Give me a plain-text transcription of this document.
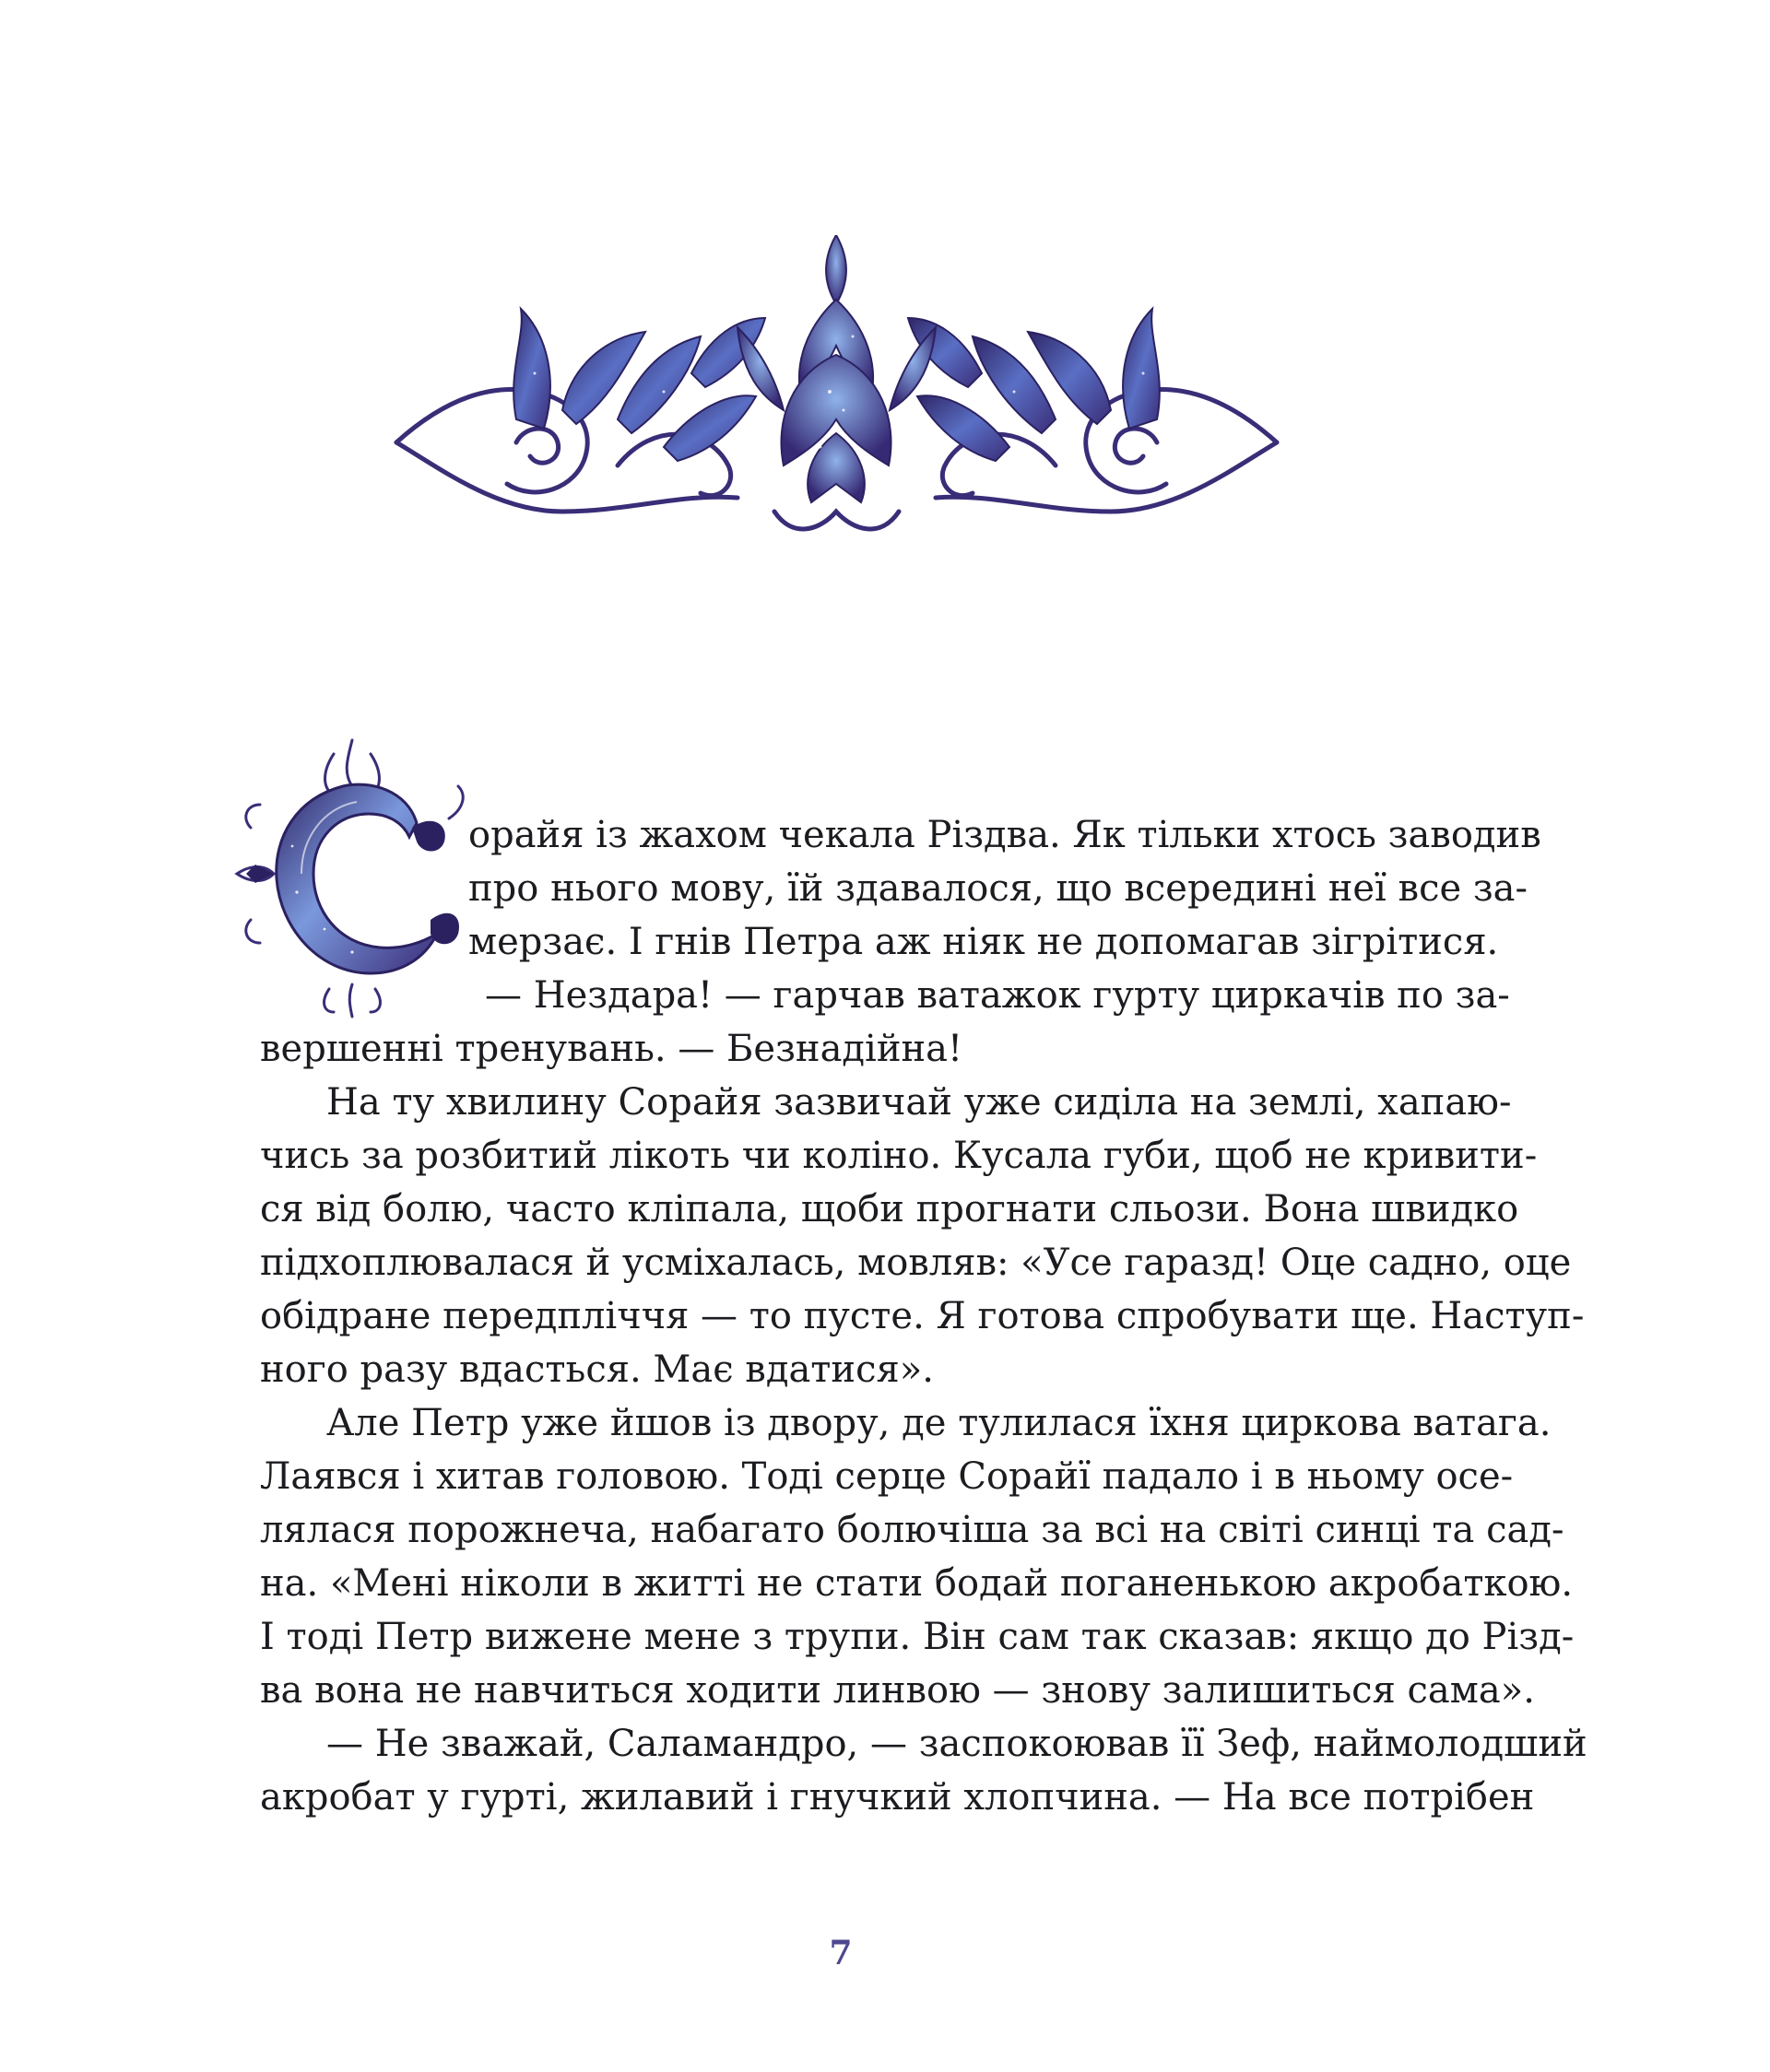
орайя із жахом чекала Різдва. Як тільки хтось заводив
про нього мову, їй здавалося, що всередині неї все за-
мерзає. І гнів Петра аж ніяк не допомагав зігрітися.
— Нездара! — гарчав ватажок гурту циркачів по за-
вершенні тренувань. — Безнадійна!
На ту хвилину Сорайя зазвичай уже сиділа на землі, хапаю-
чись за розбитий лікоть чи коліно. Кусала губи, щоб не кривити-
ся від болю, часто кліпала, щоби прогнати сльози. Вона швидко
підхоплювалася й усміхалась, мовляв: «Усе гаразд! Оце садно, оце
обідране передпліччя — то пусте. Я готова спробувати ще. Наступ-
ного разу вдасться. Має вдатися».
Але Петр уже йшов із двору, де тулилася їхня циркова ватага.
Лаявся і хитав головою. Тоді серце Сорайї падало і в ньому осе-
лялася порожнеча, набагато болючіша за всі на світі синці та сад-
на. «Мені ніколи в житті не стати бодай поганенькою акробаткою.
І тоді Петр вижене мене з трупи. Він сам так сказав: якщо до Різд-
ва вона не навчиться ходити линвою — знову залишиться сама».
— Не зважай, Саламандро, — заспокоював її Зеф, наймолодший
акробат у гурті, жилавий і гнучкий хлопчина. — На все потрібен
7
